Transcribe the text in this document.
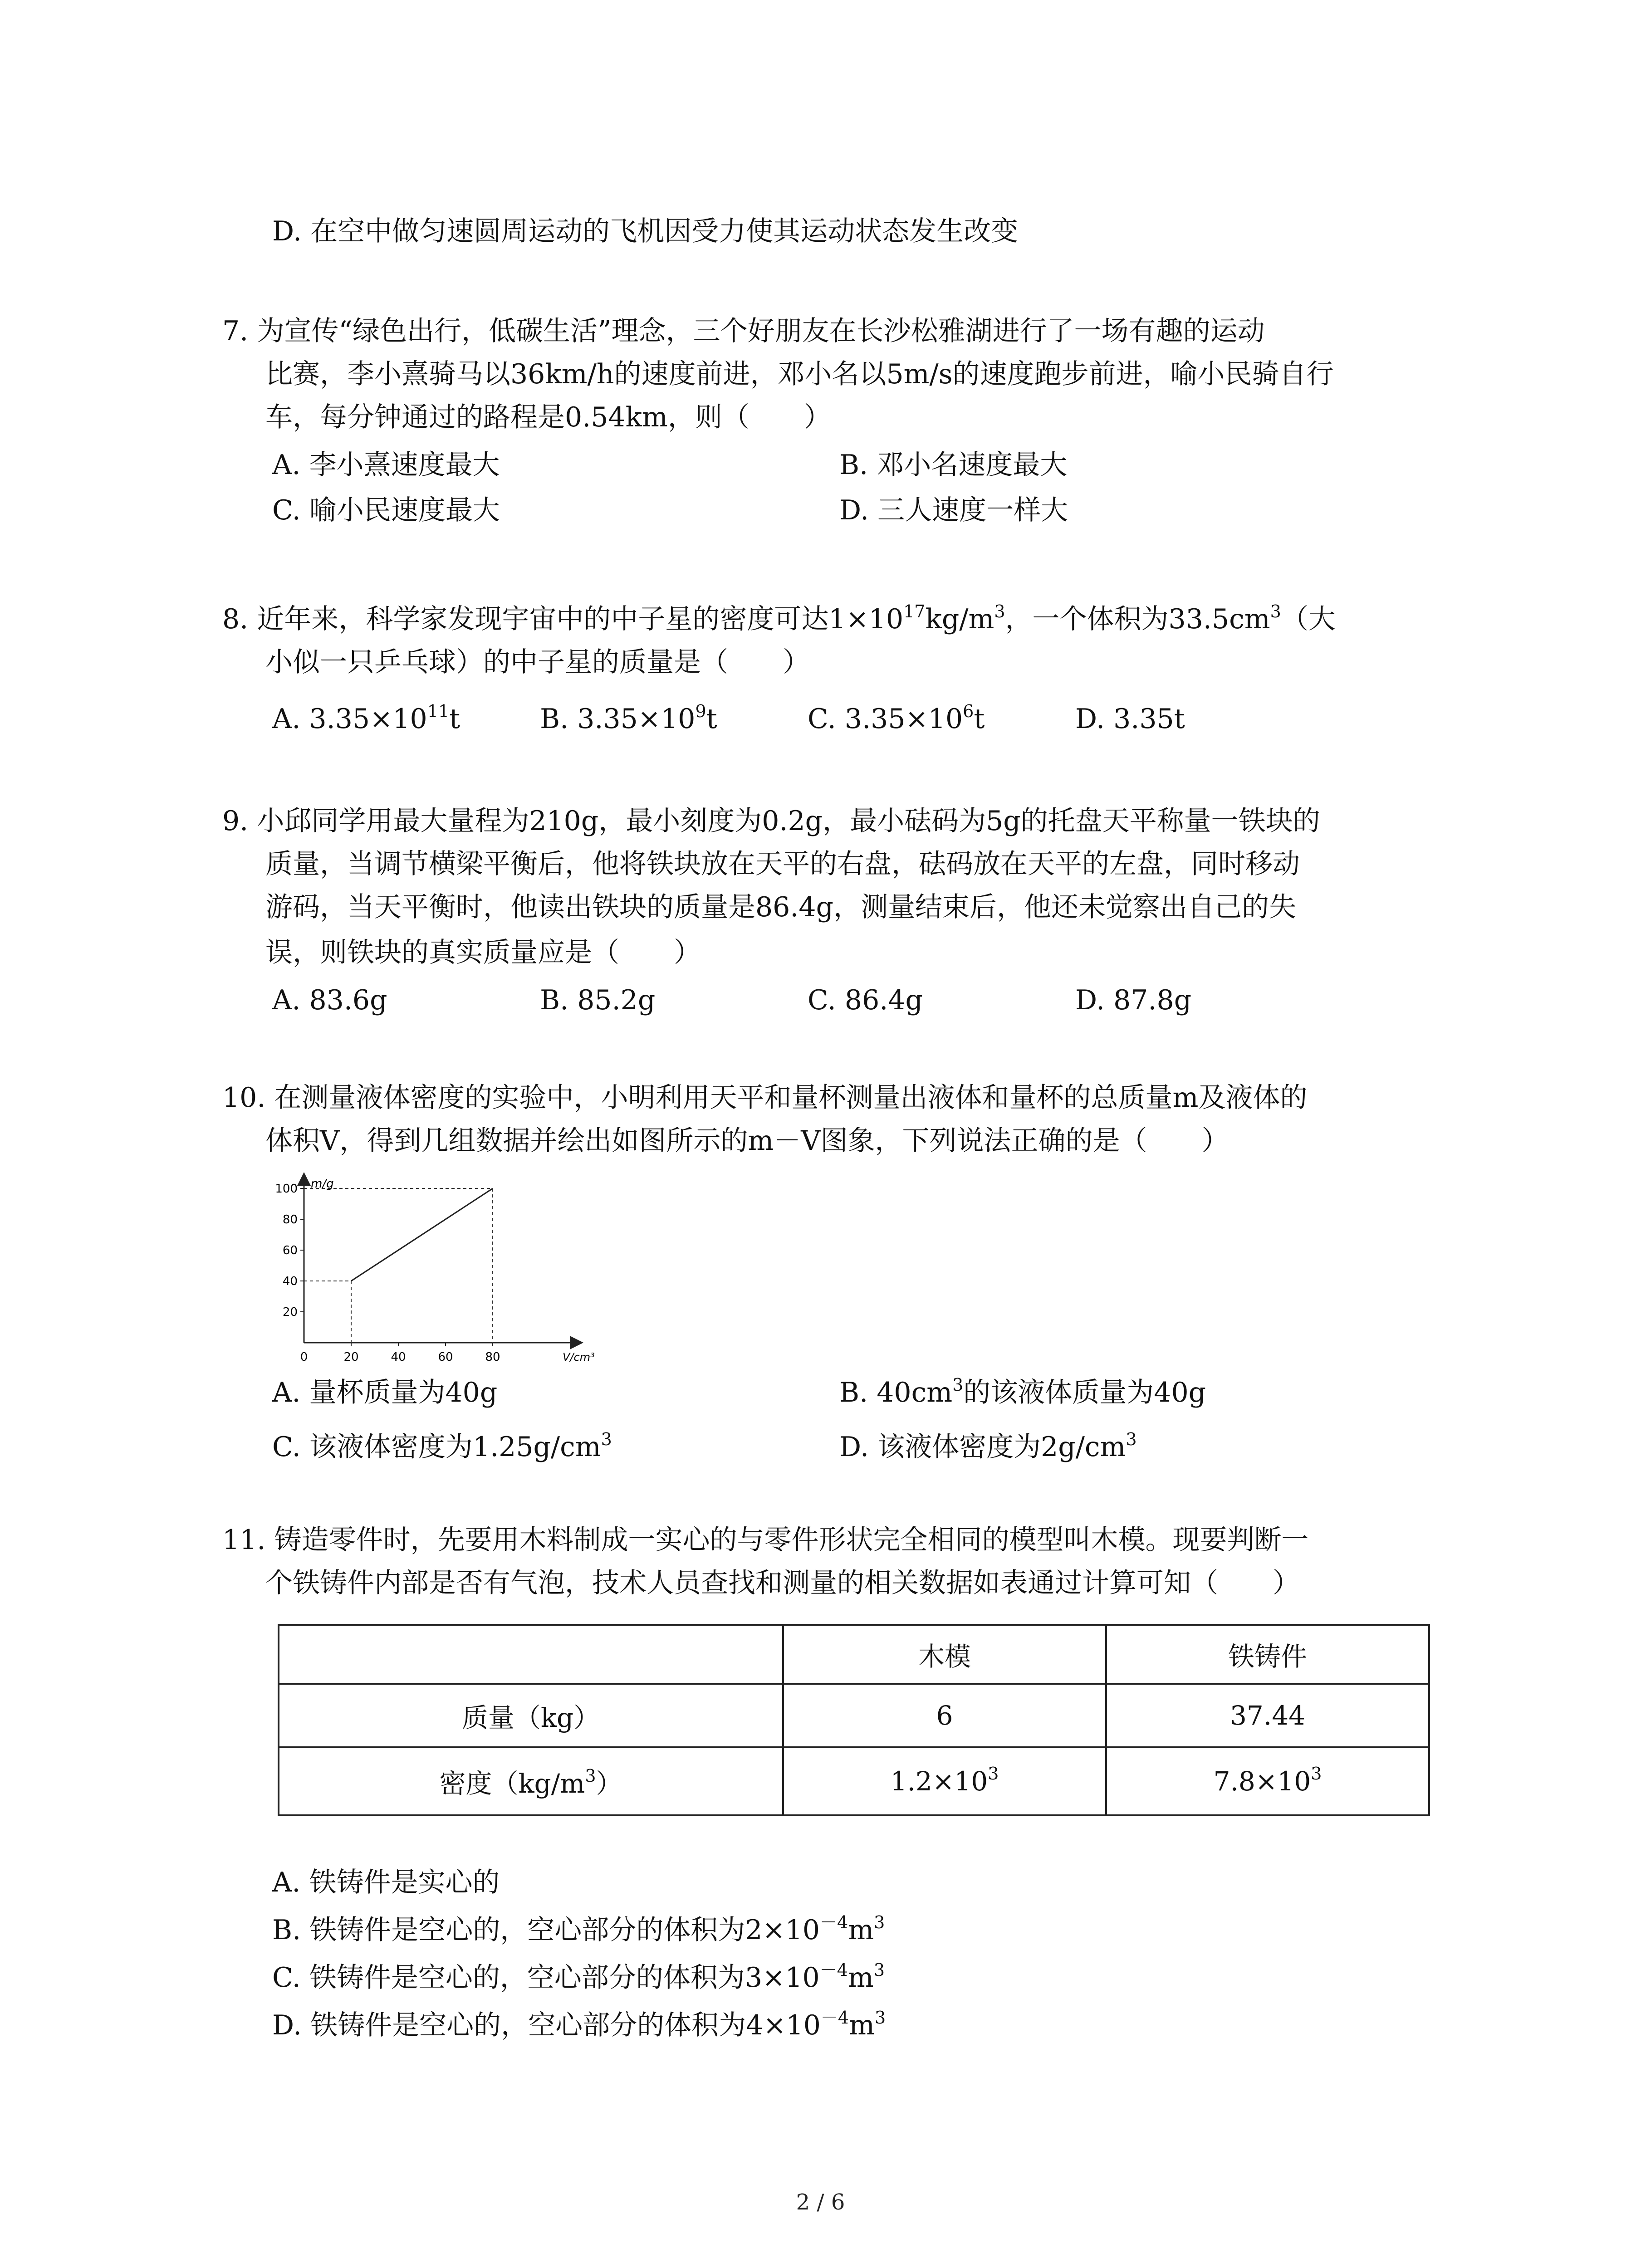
D. 在空中做匀速圆周运动的飞机因受力使其运动状态发生改变
7. 为宣传“绿色出行，低碳生活”理念，三个好朋友在长沙松雅湖进行了一场有趣的运动
比赛，李小熹骑马以36km/h的速度前进，邓小名以5m/s的速度跑步前进，喻小民骑自行
车，每分钟通过的路程是0.54km，则（　　）
A. 李小熹速度最大	B. 邓小名速度最大
C. 喻小民速度最大	D. 三人速度一样大
8. 近年来，科学家发现宇宙中的中子星的密度可达$1\times 10^{17}kg/m^3$，一个体积为$33.5cm^3$（大
小似一只乒乓球）的中子星的质量是（　　）
A. $3.35\times 10^{11}t$	B. $3.35\times 10^9t$	C. $3.35\times 10^6t$	D. 3.35t
9. 小邱同学用最大量程为210g，最小刻度为0.2g，最小砝码为5g的托盘天平称量一铁块的
质量，当调节横梁平衡后，他将铁块放在天平的右盘，砝码放在天平的左盘，同时移动
游码，当天平衡时，他读出铁块的质量是86.4g，测量结束后，他还未觉察出自己的失
误，则铁块的真实质量应是（　　）
A. 83.6g	B. 85.2g	C. 86.4g	D. 87.8g
10. 在测量液体密度的实验中，小明利用天平和量杯测量出液体和量杯的总质量m及液体的
体积V，得到几组数据并绘出如图所示的m－V图象，下列说法正确的是（　　）
0	20	40	60	80
20
40
60
80
100 m/g
V/cm³
A. 量杯质量为40g	B. $40cm^3$的该液体质量为40g
C. 该液体密度为$1.25g/cm^3$	D. 该液体密度为$2g/cm^3$
11. 铸造零件时，先要用木料制成一实心的与零件形状完全相同的模型叫木模。现要判断一
个铁铸件内部是否有气泡，技术人员查找和测量的相关数据如表通过计算可知（　　）
	木模	铁铸件
质量（kg）	6	37.44
密度$(kg/m^3)$	$1.2\times 10^3$	$7.8\times 10^3$
A. 铁铸件是实心的
B. 铁铸件是空心的，空心部分的体积为$2\times 10^{-4}m^3$
C. 铁铸件是空心的，空心部分的体积为$3\times 10^{-4}m^3$
D. 铁铸件是空心的，空心部分的体积为$4\times 10^{-4}m^3$
2 / 6
